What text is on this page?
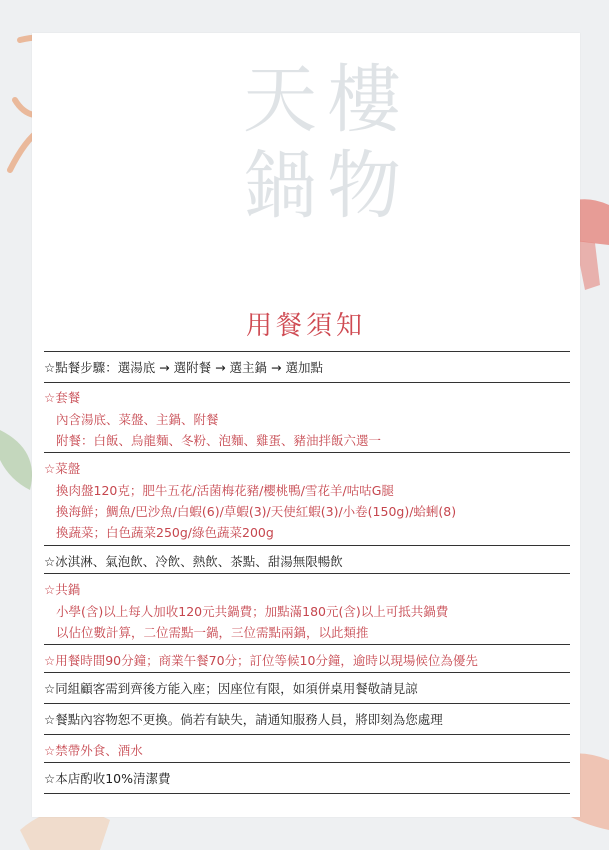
天 樓
鍋 物
用餐須知
☆點餐步驟：選湯底 → 選附餐 → 選主鍋 → 選加點
☆套餐
內含湯底、菜盤、主鍋、附餐
附餐：白飯、烏龍麵、冬粉、泡麵、雞蛋、豬油拌飯六選一
☆菜盤
換肉盤120克；肥牛五花/活菌梅花豬/櫻桃鴨/雪花羊/咕咕G腿
換海鮮；鯛魚/巴沙魚/白蝦(6)/草蝦(3)/天使紅蝦(3)/小卷(150g)/蛤蜊(8)
換蔬菜；白色蔬菜250g/綠色蔬菜200g
☆冰淇淋、氣泡飲、冷飲、熱飲、茶點、甜湯無限暢飲
☆共鍋
小學(含)以上每人加收120元共鍋費；加點滿180元(含)以上可抵共鍋費
以佔位數計算，二位需點一鍋，三位需點兩鍋，以此類推
☆用餐時間90分鐘；商業午餐70分；訂位等候10分鐘，逾時以現場候位為優先
☆同組顧客需到齊後方能入座；因座位有限，如須併桌用餐敬請見諒
☆餐點內容物恕不更換。倘若有缺失，請通知服務人員，將即刻為您處理
☆禁帶外食、酒水
☆本店酌收10%清潔費
